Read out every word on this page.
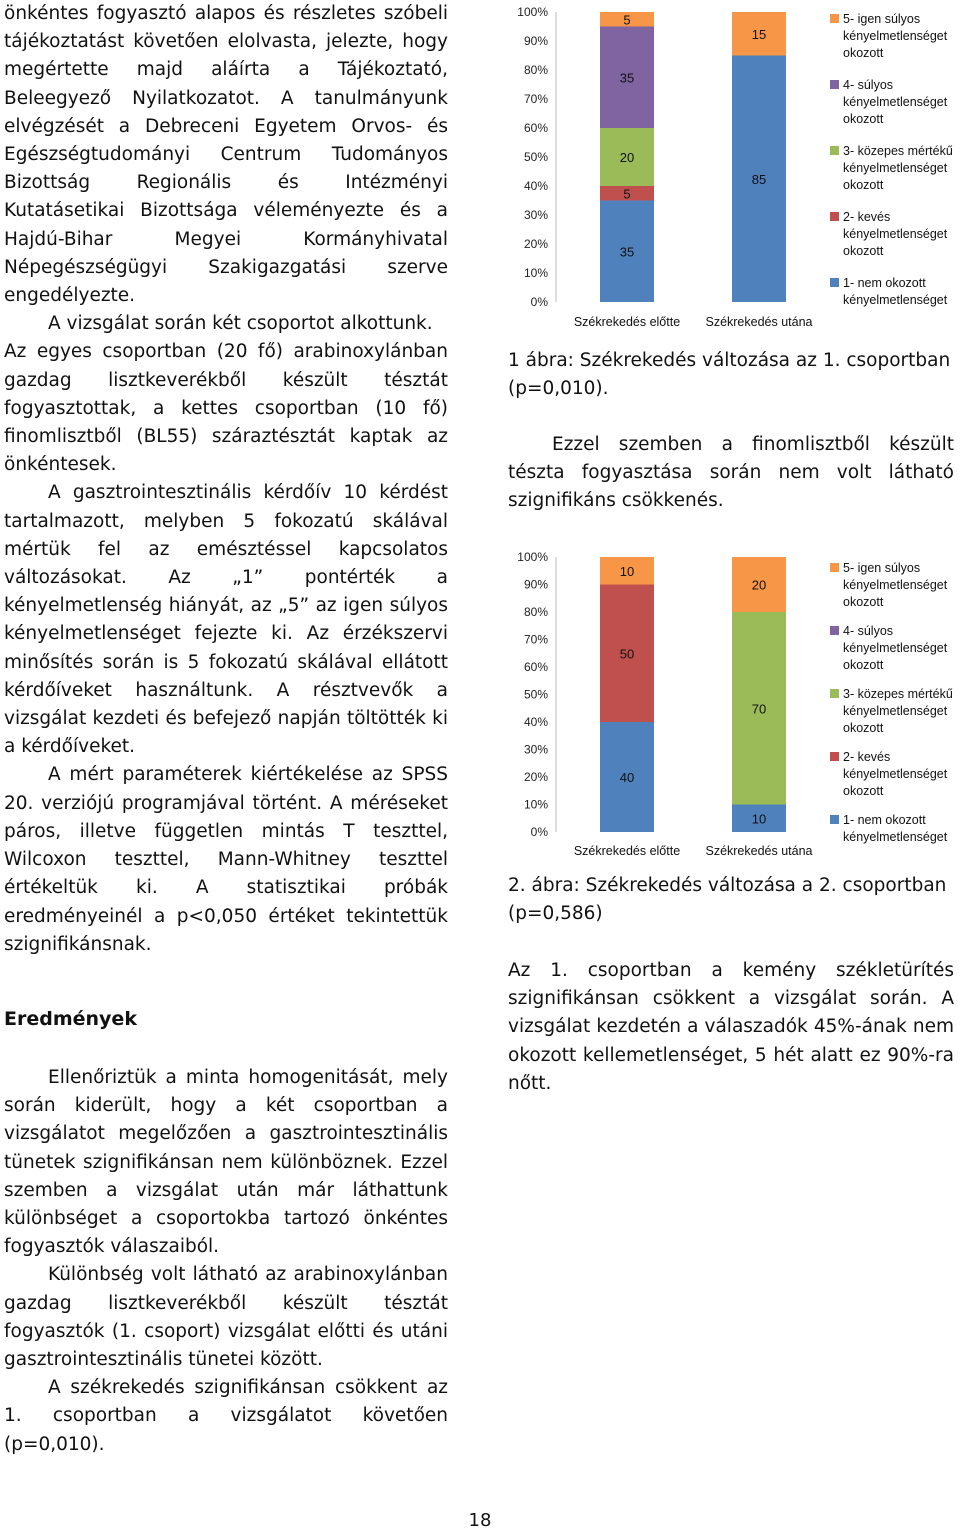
önkéntes fogyasztó alapos és részletes szóbeli tájékoztatást követően elolvasta, jelezte, hogy megértette majd aláírta a Tájékoztató, Beleegyező Nyilatkozatot. A tanulmányunk elvégzését a Debreceni Egyetem Orvos- és Egészségtudományi Centrum Tudományos Bizottság Regionális és Intézményi Kutatásetikai Bizottsága véleményezte és a Hajdú-Bihar Megyei Kormányhivatal Népegészségügyi Szakigazgatási szerve engedélyezte.

A vizsgálat során két csoportot alkottunk.

Az egyes csoportban (20 fő) arabinoxylánban gazdag lisztkeverékből készült tésztát fogyasztottak, a kettes csoportban (10 fő) finomlisztből (BL55) száraztésztát kaptak az önkéntesek.

A gasztrointesztinális kérdőív 10 kérdést tartalmazott, melyben 5 fokozatú skálával mértük fel az emésztéssel kapcsolatos változásokat. Az „1” pontérték a kényelmetlenség hiányát, az „5” az igen súlyos kényelmetlenséget fejezte ki. Az érzékszervi minősítés során is 5 fokozatú skálával ellátott kérdőíveket használtunk. A résztvevők a vizsgálat kezdeti és befejező napján töltötték ki a kérdőíveket.

A mért paraméterek kiértékelése az SPSS 20. verziójú programjával történt. A méréseket páros, illetve független mintás T teszttel, Wilcoxon teszttel, Mann-Whitney teszttel értékeltük ki. A statisztikai próbák eredményeinél a p<0,050 értéket tekintettük szignifikánsnak.

Eredmények

Ellenőriztük a minta homogenitását, mely során kiderült, hogy a két csoportban a vizsgálatot megelőzően a gasztrointesztinális tünetek szignifikánsan nem különböznek. Ezzel szemben a vizsgálat után már láthattunk különbséget a csoportokba tartozó önkéntes fogyasztók válaszaiból.

Különbség volt látható az arabinoxylánban gazdag lisztkeverékből készült tésztát fogyasztók (1. csoport) vizsgálat előtti és utáni gasztrointesztinális tünetei között.

A székrekedés szignifikánsan csökkent az 1. csoportban a vizsgálatot követően (p=0,010).

0%
10%
20%
30%
40%
50%
60%
70%
80%
90%
100%
35
5
20
35
5
Székrekedés előtte
85
15
Székrekedés utána
5- igen súlyos kényelmetlenséget okozott
4- súlyos kényelmetlenséget okozott
3- közepes mértékű kényelmetlenséget okozott
2- kevés kényelmetlenséget okozott
1- nem okozott kényelmetlenséget
1 ábra: Székrekedés változása az 1. csoportban (p=0,010).

Ezzel szemben a finomlisztből készült tészta fogyasztása során nem volt látható szignifikáns csökkenés.

0%
10%
20%
30%
40%
50%
60%
70%
80%
90%
100%
40
50
10
Székrekedés előtte
10
70
20
Székrekedés utána
5- igen súlyos kényelmetlenséget okozott
4- súlyos kényelmetlenséget okozott
3- közepes mértékű kényelmetlenséget okozott
2- kevés kényelmetlenséget okozott
1- nem okozott kényelmetlenséget
2. ábra: Székrekedés változása a 2. csoportban (p=0,586)

Az 1. csoportban a kemény székletürítés szignifikánsan csökkent a vizsgálat során. A vizsgálat kezdetén a válaszadók 45%-ának nem okozott kellemetlenséget, 5 hét alatt ez 90%-ra nőtt.

18
